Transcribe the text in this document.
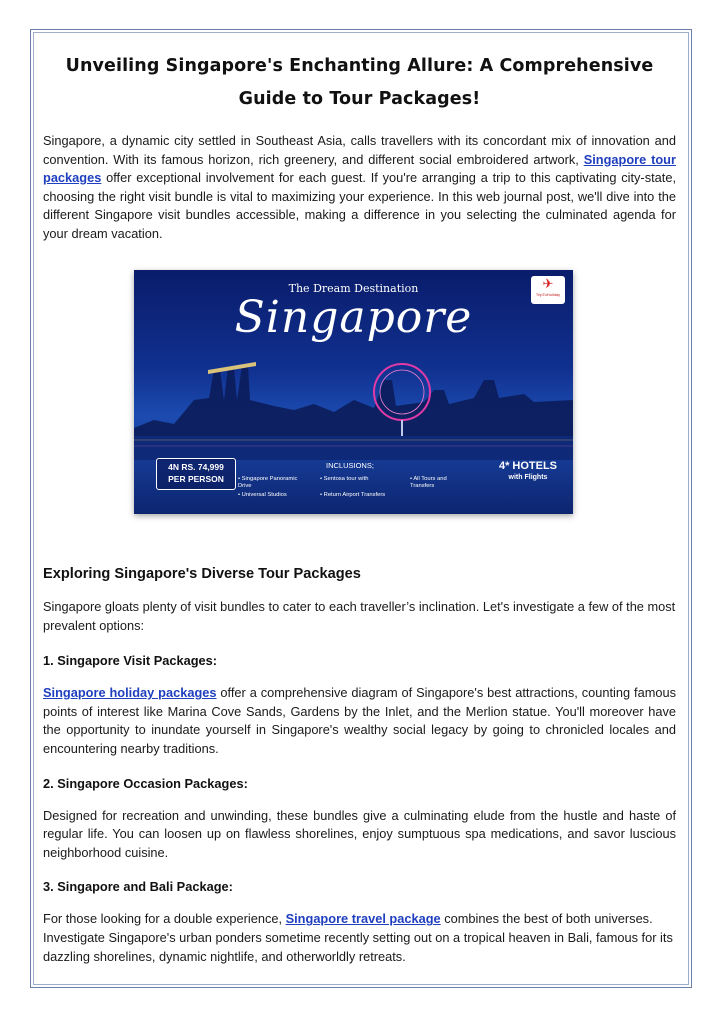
Unveiling Singapore's Enchanting Allure: A Comprehensive Guide to Tour Packages!

Singapore, a dynamic city settled in Southeast Asia, calls travellers with its concordant mix of innovation and convention. With its famous horizon, rich greenery, and different social embroidered artwork, Singapore tour packages offer exceptional involvement for each guest. If you're arranging a trip to this captivating city-state, choosing the right visit bundle is vital to maximizing your experience. In this web journal post, we'll dive into the different Singapore visit bundles accessible, making a difference in you selecting the culminated agenda for your dream vacation.

The Dream Destination
Singapore
✈
TripToHoliday
4N RS. 74,999
PER PERSON
INCLUSIONS;
• Singapore Panoramic Drive
• Universal Studios
• Sentosa tour with
• Return Airport Transfers
• All Tours and Transfers
4* HOTELS
with Flights
Exploring Singapore's Diverse Tour Packages

Singapore gloats plenty of visit bundles to cater to each traveller’s inclination. Let's investigate a few of the most prevalent options:

1. Singapore Visit Packages:

Singapore holiday packages offer a comprehensive diagram of Singapore's best attractions, counting famous points of interest like Marina Cove Sands, Gardens by the Inlet, and the Merlion statue. You'll moreover have the opportunity to inundate yourself in Singapore's wealthy social legacy by going to chronicled locales and encountering nearby traditions.

2. Singapore Occasion Packages:

Designed for recreation and unwinding, these bundles give a culminating elude from the hustle and haste of regular life. You can loosen up on flawless shorelines, enjoy sumptuous spa medications, and savor luscious neighborhood cuisine.

3. Singapore and Bali Package:

For those looking for a double experience, Singapore travel package combines the best of both universes. Investigate Singapore's urban ponders sometime recently setting out on a tropical heaven in Bali, famous for its dazzling shorelines, dynamic nightlife, and otherworldly retreats.
